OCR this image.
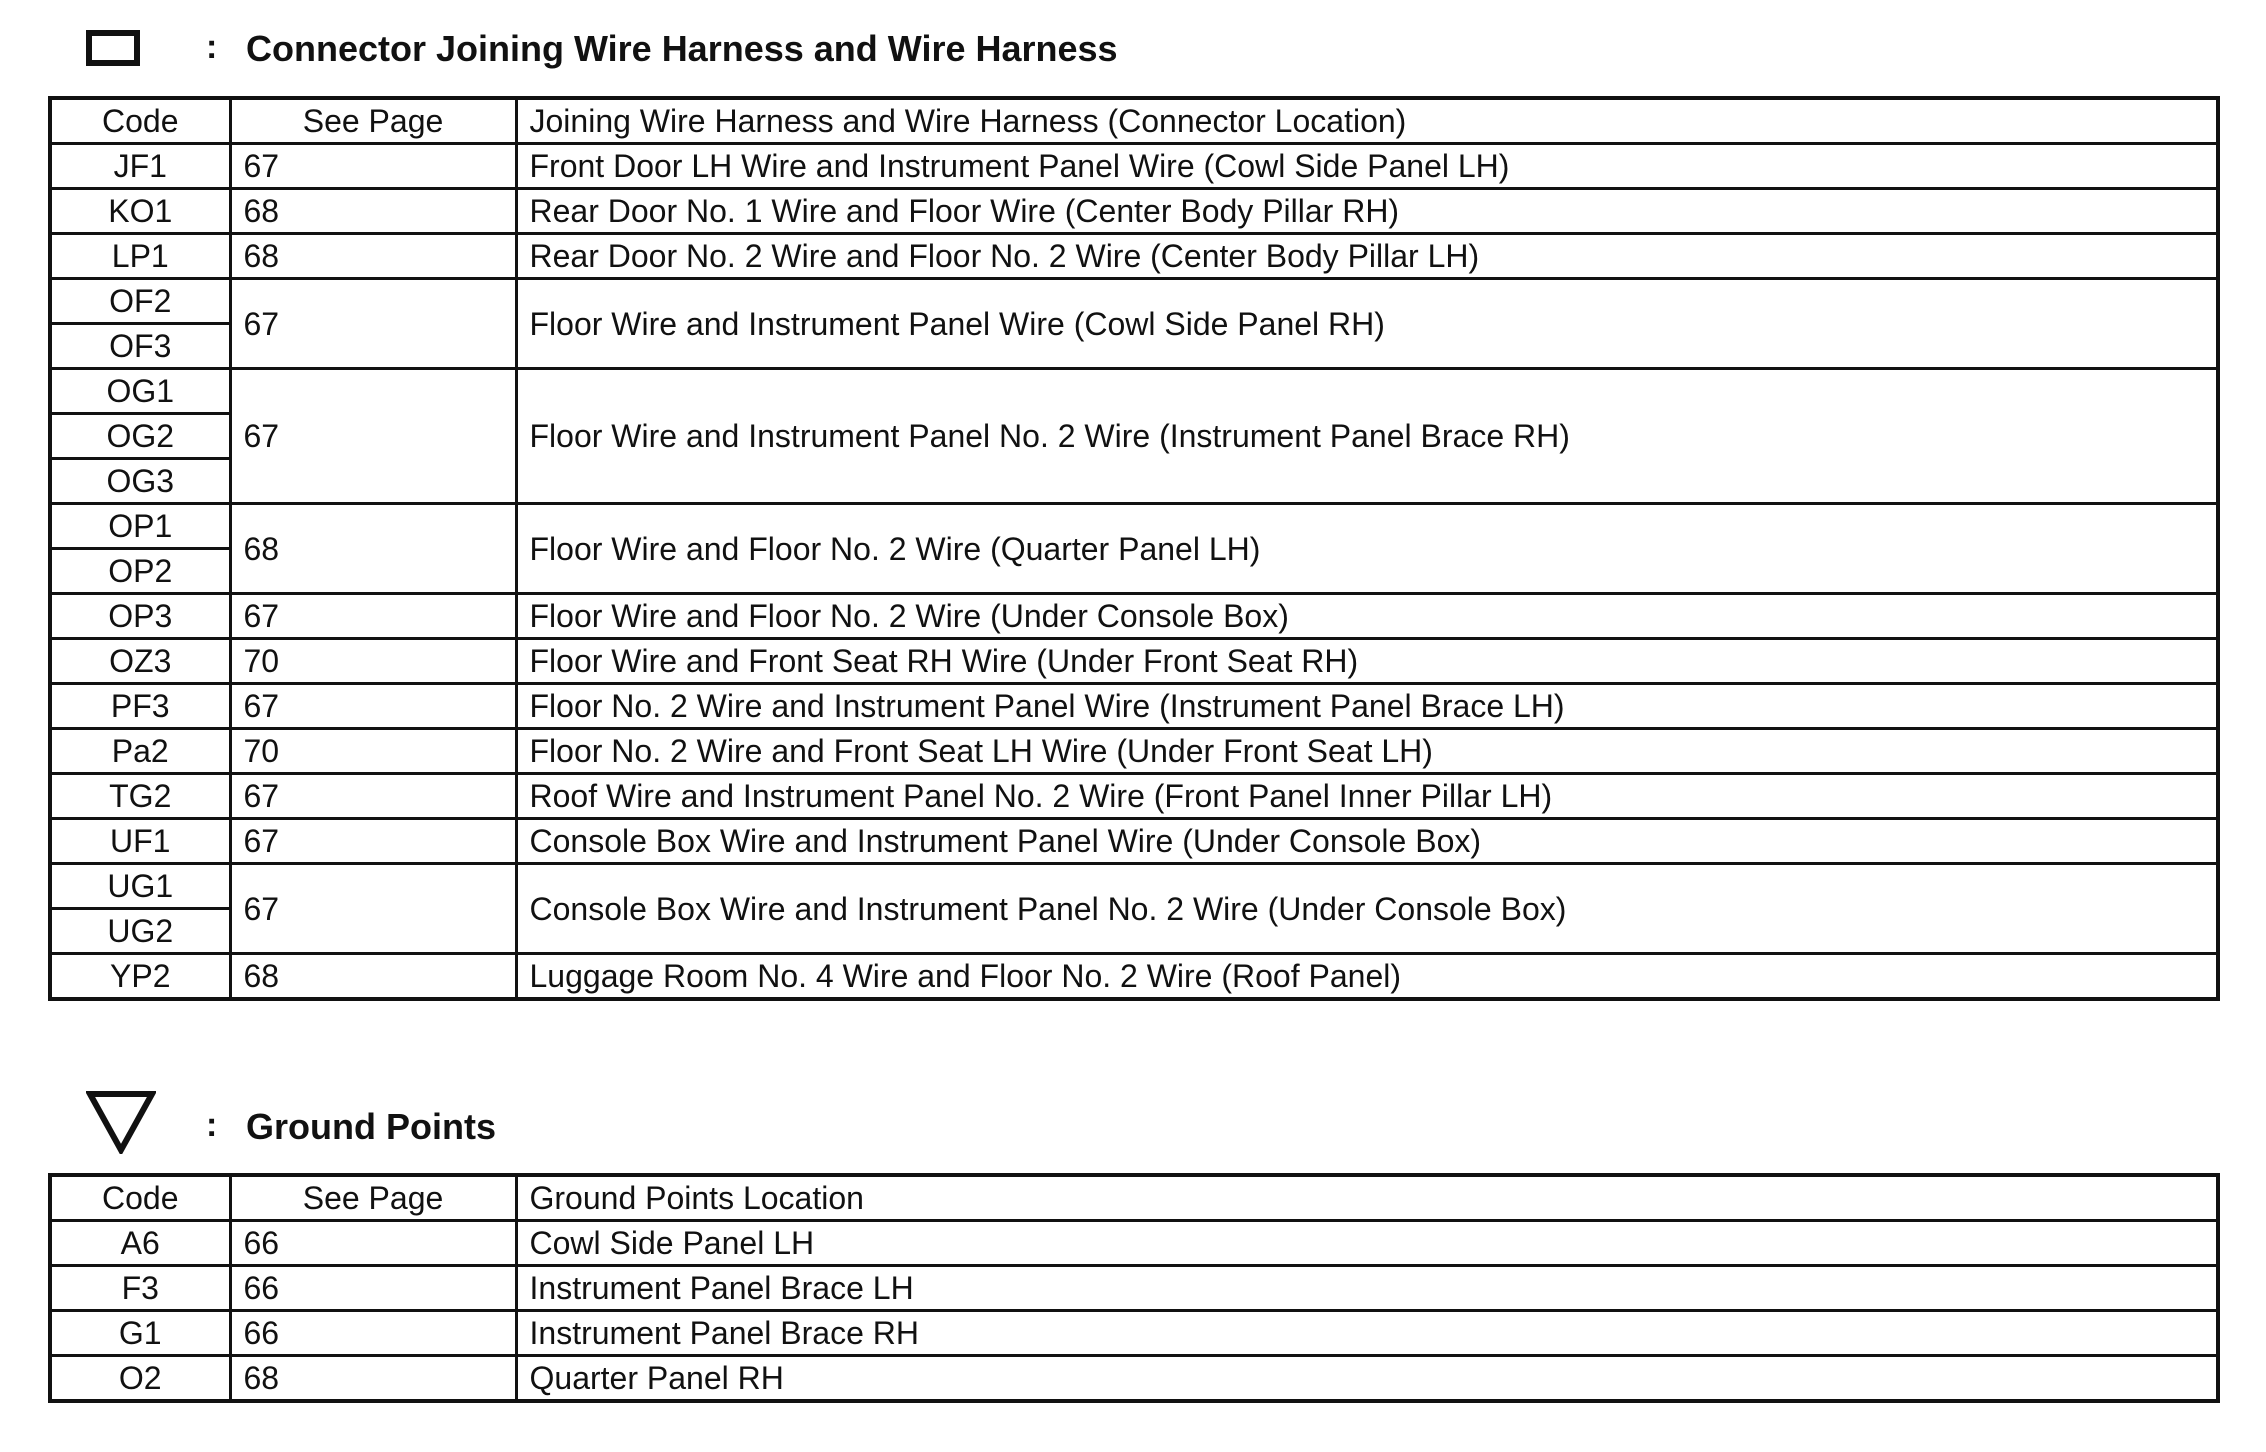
: Connector Joining Wire Harness and Wire Harness
Code	See Page	Joining Wire Harness and Wire Harness (Connector Location)
JF1	67	Front Door LH Wire and Instrument Panel Wire (Cowl Side Panel LH)
KO1	68	Rear Door No. 1 Wire and Floor Wire (Center Body Pillar RH)
LP1	68	Rear Door No. 2 Wire and Floor No. 2 Wire (Center Body Pillar LH)
OF2	67	Floor Wire and Instrument Panel Wire (Cowl Side Panel RH)
OF3		
OG1	67	Floor Wire and Instrument Panel No. 2 Wire (Instrument Panel Brace RH)
OG2		
OG3		
OP1	68	Floor Wire and Floor No. 2 Wire (Quarter Panel LH)
OP2		
OP3	67	Floor Wire and Floor No. 2 Wire (Under Console Box)
OZ3	70	Floor Wire and Front Seat RH Wire (Under Front Seat RH)
PF3	67	Floor No. 2 Wire and Instrument Panel Wire (Instrument Panel Brace LH)
Pa2	70	Floor No. 2 Wire and Front Seat LH Wire (Under Front Seat LH)
TG2	67	Roof Wire and Instrument Panel No. 2 Wire (Front Panel Inner Pillar LH)
UF1	67	Console Box Wire and Instrument Panel Wire (Under Console Box)
UG1	67	Console Box Wire and Instrument Panel No. 2 Wire (Under Console Box)
UG2		
YP2	68	Luggage Room No. 4 Wire and Floor No. 2 Wire (Roof Panel)
: Ground Points
Code	See Page	Ground Points Location
A6	66	Cowl Side Panel LH
F3	66	Instrument Panel Brace LH
G1	66	Instrument Panel Brace RH
O2	68	Quarter Panel RH
